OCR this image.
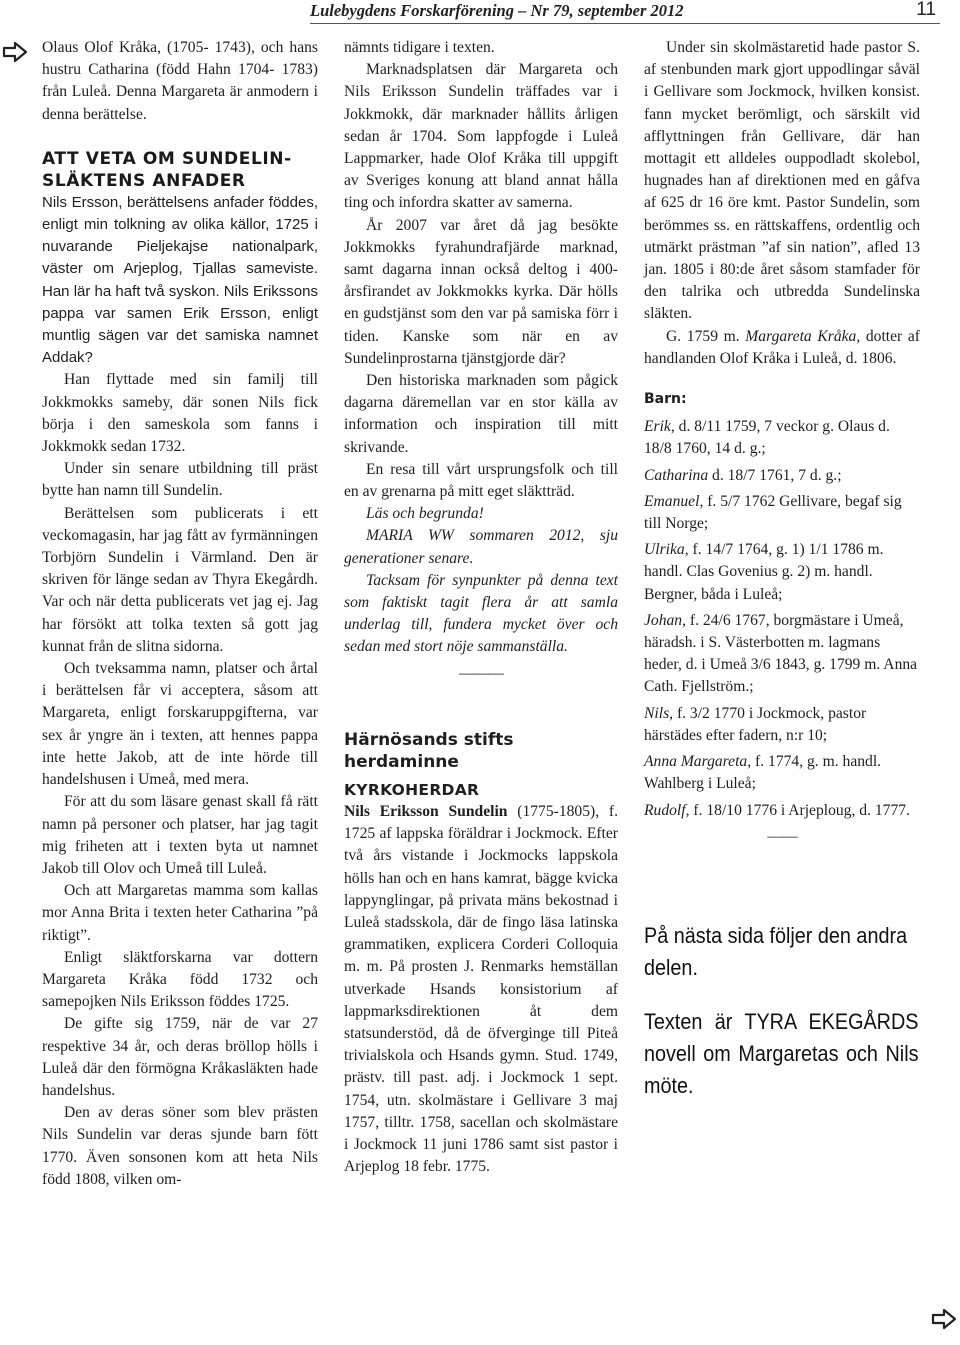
Lulebygdens Forskarförening – Nr 79, september 2012	11

Olaus Olof Kråka, (1705- 1743), och hans hustru Catharina (född Hahn 1704- 1783) från Luleå. Denna Margareta är anmodern i denna berättelse.

ATT VETA OM SUNDELIN-SLÄKTENS ANFADER

Nils Ersson, berättelsens anfader föddes, enligt min tolkning av olika källor, 1725 i nuvarande Pieljekajse nationalpark, väster om Arjeplog, Tjallas sameviste. Han lär ha haft två syskon. Nils Erikssons pappa var samen Erik Ersson, enligt muntlig sägen var det samiska namnet Addak?

Han flyttade med sin familj till Jokkmokks sameby, där sonen Nils fick börja i den sameskola som fanns i Jokkmokk sedan 1732.

Under sin senare utbildning till präst bytte han namn till Sundelin.

Berättelsen som publicerats i ett veckomagasin, har jag fått av fyrmänningen Torbjörn Sundelin i Värmland. Den är skriven för länge sedan av Thyra Ekegårdh. Var och när detta publicerats vet jag ej. Jag har försökt att tolka texten så gott jag kunnat från de slitna sidorna.

Och tveksamma namn, platser och årtal i berättelsen får vi acceptera, såsom att Margareta, enligt forskaruppgifterna, var sex år yngre än i texten, att hennes pappa inte hette Jakob, att de inte hörde till handelshusen i Umeå, med mera.

För att du som läsare genast skall få rätt namn på personer och platser, har jag tagit mig friheten att i texten byta ut namnet Jakob till Olov och Umeå till Luleå.

Och att Margaretas mamma som kallas mor Anna Brita i texten heter Catharina ”på riktigt”.

Enligt släktforskarna var dottern Margareta Kråka född 1732 och samepojken Nils Eriksson föddes 1725.

De gifte sig 1759, när de var 27 respektive 34 år, och deras bröllop hölls i Luleå där den förmögna Kråkasläkten hade handelshus.

Den av deras söner som blev prästen Nils Sundelin var deras sjunde barn fött 1770. Även sonsonen kom att heta Nils född 1808, vilken om-

nämnts tidigare i texten.

Marknadsplatsen där Margareta och Nils Eriksson Sundelin träffades var i Jokkmokk, där marknader hållits årligen sedan år 1704. Som lappfogde i Luleå Lappmarker, hade Olof Kråka till uppgift av Sveriges konung att bland annat hålla ting och infordra skatter av samerna.

År 2007 var året då jag besökte Jokkmokks fyrahundrafjärde marknad, samt dagarna innan också deltog i 400- årsfirandet av Jokkmokks kyrka. Där hölls en gudstjänst som den var på samiska förr i tiden. Kanske som när en av Sundelinprostarna tjänstgjorde där?

Den historiska marknaden som pågick dagarna däremellan var en stor källa av information och inspiration till mitt skrivande.

En resa till vårt ursprungsfolk och till en av grenarna på mitt eget släktträd.

Läs och begrunda!

MARIA WW sommaren 2012, sju generationer senare.

Tacksam för synpunkter på denna text som faktiskt tagit flera år att samla underlag till, fundera mycket över och sedan med stort nöje sammanställa.

———

Härnösands stifts herdaminne
KYRKOHERDAR

Nils Eriksson Sundelin (1775-1805), f. 1725 af lappska föräldrar i Jockmock. Efter två års vistande i Jockmocks lappskola hölls han och en hans kamrat, bägge kvicka lappynglingar, på privata mäns bekostnad i Luleå stadsskola, där de fingo läsa latinska grammatiken, explicera Corderi Colloquia m. m. På prosten J. Renmarks hemställan utverkade Hsands konsistorium af lappmarksdirektionen åt dem statsunderstöd, då de öfverginge till Piteå trivialskola och Hsands gymn. Stud. 1749, prästv. till past. adj. i Jockmock 1 sept. 1754, utn. skolmästare i Gellivare 3 maj 1757, tilltr. 1758, sacellan och skolmästare i Jockmock 11 juni 1786 samt sist pastor i Arjeplog 18 febr. 1775.

Under sin skolmästaretid hade pastor S. af stenbunden mark gjort uppodlingar såväl i Gellivare som Jockmock, hvilken konsist. fann mycket berömligt, och särskilt vid afflyttningen från Gellivare, där han mottagit ett alldeles ouppodladt skolebol, hugnades han af direktionen med en gåfva af 625 dr 16 öre kmt. Pastor Sundelin, som berömmes ss. en rättskaffens, ordentlig och utmärkt prästman ”af sin nation”, afled 13 jan. 1805 i 80:de året såsom stamfader för den talrika och utbredda Sundelinska släkten.

G. 1759 m. Margareta Kråka, dotter af handlanden Olof Kråka i Luleå, d. 1806.

Barn:

Erik, d. 8/11 1759, 7 veckor g. Olaus d. 18/8 1760, 14 d. g.;

Catharina d. 18/7 1761, 7 d. g.;

Emanuel, f. 5/7 1762 Gellivare, begaf sig till Norge;

Ulrika, f. 14/7 1764, g. 1) 1/1 1786 m. handl. Clas Govenius g. 2) m. handl. Bergner, båda i Luleå;

Johan, f. 24/6 1767, borgmästare i Umeå, häradsh. i S. Västerbotten m. lagmans heder, d. i Umeå 3/6 1843, g. 1799 m. Anna Cath. Fjellström.;

Nils, f. 3/2 1770 i Jockmock, pastor härstädes efter fadern, n:r 10;

Anna Margareta, f. 1774, g. m. handl. Wahlberg i Luleå;

Rudolf, f. 18/10 1776 i Arjeploug, d. 1777.

——

På nästa sida följer den andra delen.

Texten är TYRA EKEGÅRDS novell om Margaretas och Nils möte.
